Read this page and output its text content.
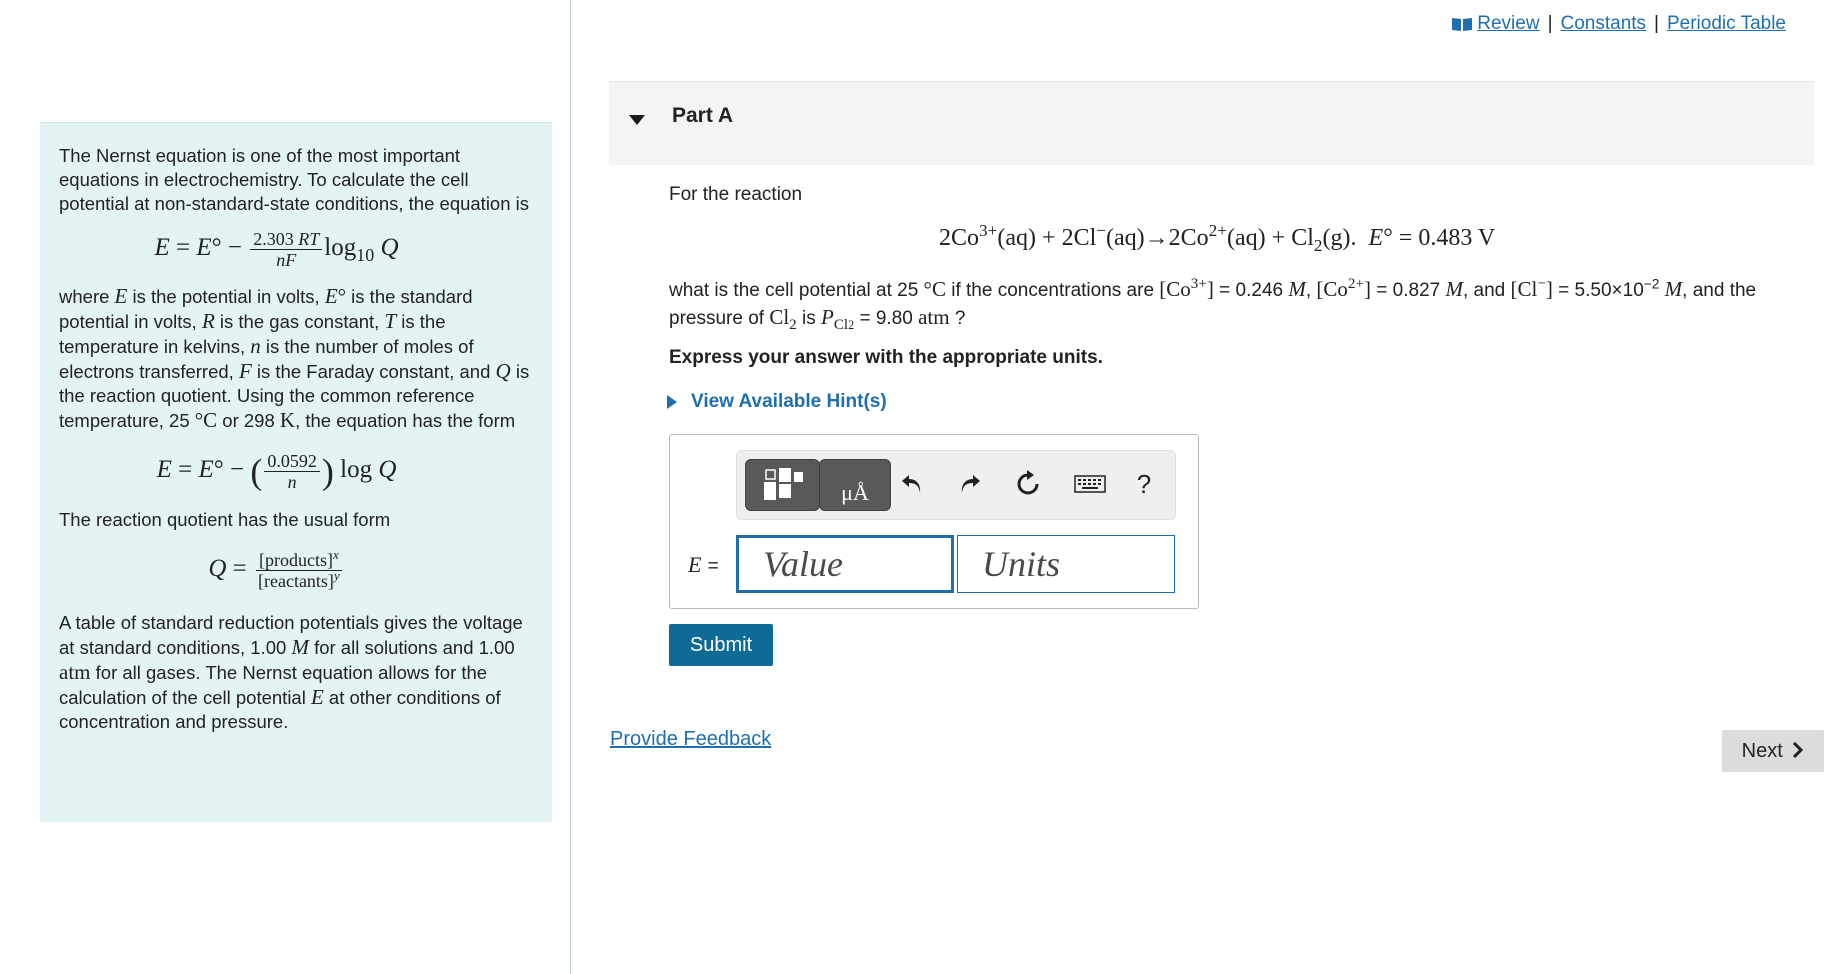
The Nernst equation is one of the most important equations in electrochemistry. To calculate the cell potential at non-standard-state conditions, the equation is

$E = E^\circ - \frac{2.303 RT}{nF} \log_{10} Q$

where E is the potential in volts, E° is the standard potential in volts, R is the gas constant, T is the temperature in kelvins, n is the number of moles of electrons transferred, F is the Faraday constant, and Q is the reaction quotient. Using the common reference temperature, 25 °C or 298 K, the equation has the form

E = E° − ( $\frac{0.0592}{n}$ ) log Q

The reaction quotient has the usual form

$Q = \frac{[products]^x}{[reactants]^y}$

A table of standard reduction potentials gives the voltage at standard conditions, 1.00 M for all solutions and 1.00 atm for all gases. The Nernst equation allows for the calculation of the cell potential E at other conditions of concentration and pressure.

Review | Constants | Periodic Table
Part A
For the reaction
$2Co^{3+}(aq) + 2Cl^-(aq)\to 2Co^{2+}(aq) + Cl_2(g)$.  E° = 0.483 V
what is the cell potential at 25 °C if the concentrations are $[Co^{3+}] = 0.246$ M, $[Co^{2+}] = 0.827$ M, and $[Cl^-] = 5.50\times 10^{-2}$ M, and the pressure of $Cl_2$ is $P_{Cl2} = 9.80$ atm ?
Express your answer with the appropriate units.
View Available Hint(s)
μÅ	?
E =
Value
Units
Submit
Provide Feedback
Next
